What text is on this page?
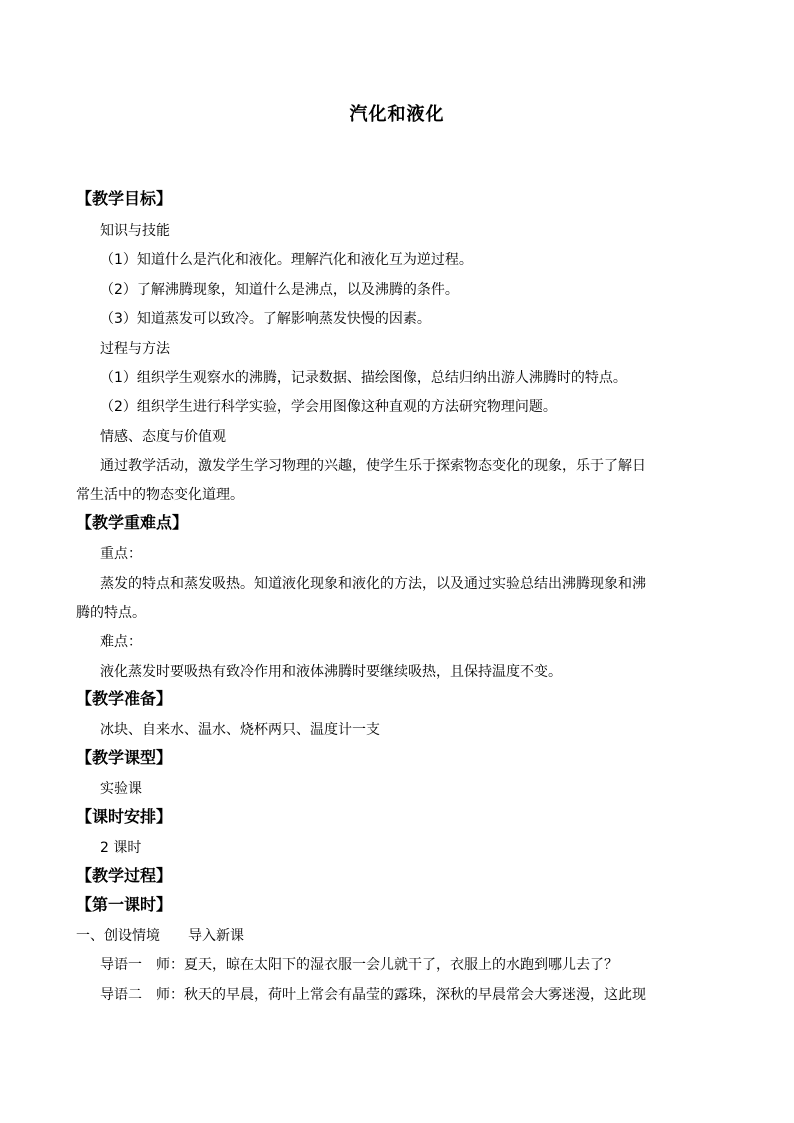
汽化和液化
【教学目标】
知识与技能
（1）知道什么是汽化和液化。理解汽化和液化互为逆过程。
（2）了解沸腾现象，知道什么是沸点，以及沸腾的条件。
（3）知道蒸发可以致冷。了解影响蒸发快慢的因素。
过程与方法
（1）组织学生观察水的沸腾，记录数据、描绘图像，总结归纳出游人沸腾时的特点。
（2）组织学生进行科学实验，学会用图像这种直观的方法研究物理问题。
情感、态度与价值观
通过教学活动，激发学生学习物理的兴趣，使学生乐于探索物态变化的现象，乐于了解日
常生活中的物态变化道理。
【教学重难点】
重点：
蒸发的特点和蒸发吸热。知道液化现象和液化的方法，以及通过实验总结出沸腾现象和沸
腾的特点。
难点：
液化蒸发时要吸热有致冷作用和液体沸腾时要继续吸热，且保持温度不变。
【教学准备】
冰块、自来水、温水、烧杯两只、温度计一支
【教学课型】
实验课
【课时安排】
2 课时
【教学过程】
【第一课时】
一、创设情境　　导入新课
导语一　师：夏天，晾在太阳下的湿衣服一会儿就干了，衣服上的水跑到哪儿去了？
导语二　师：秋天的早晨，荷叶上常会有晶莹的露珠，深秋的早晨常会大雾迷漫，这此现
